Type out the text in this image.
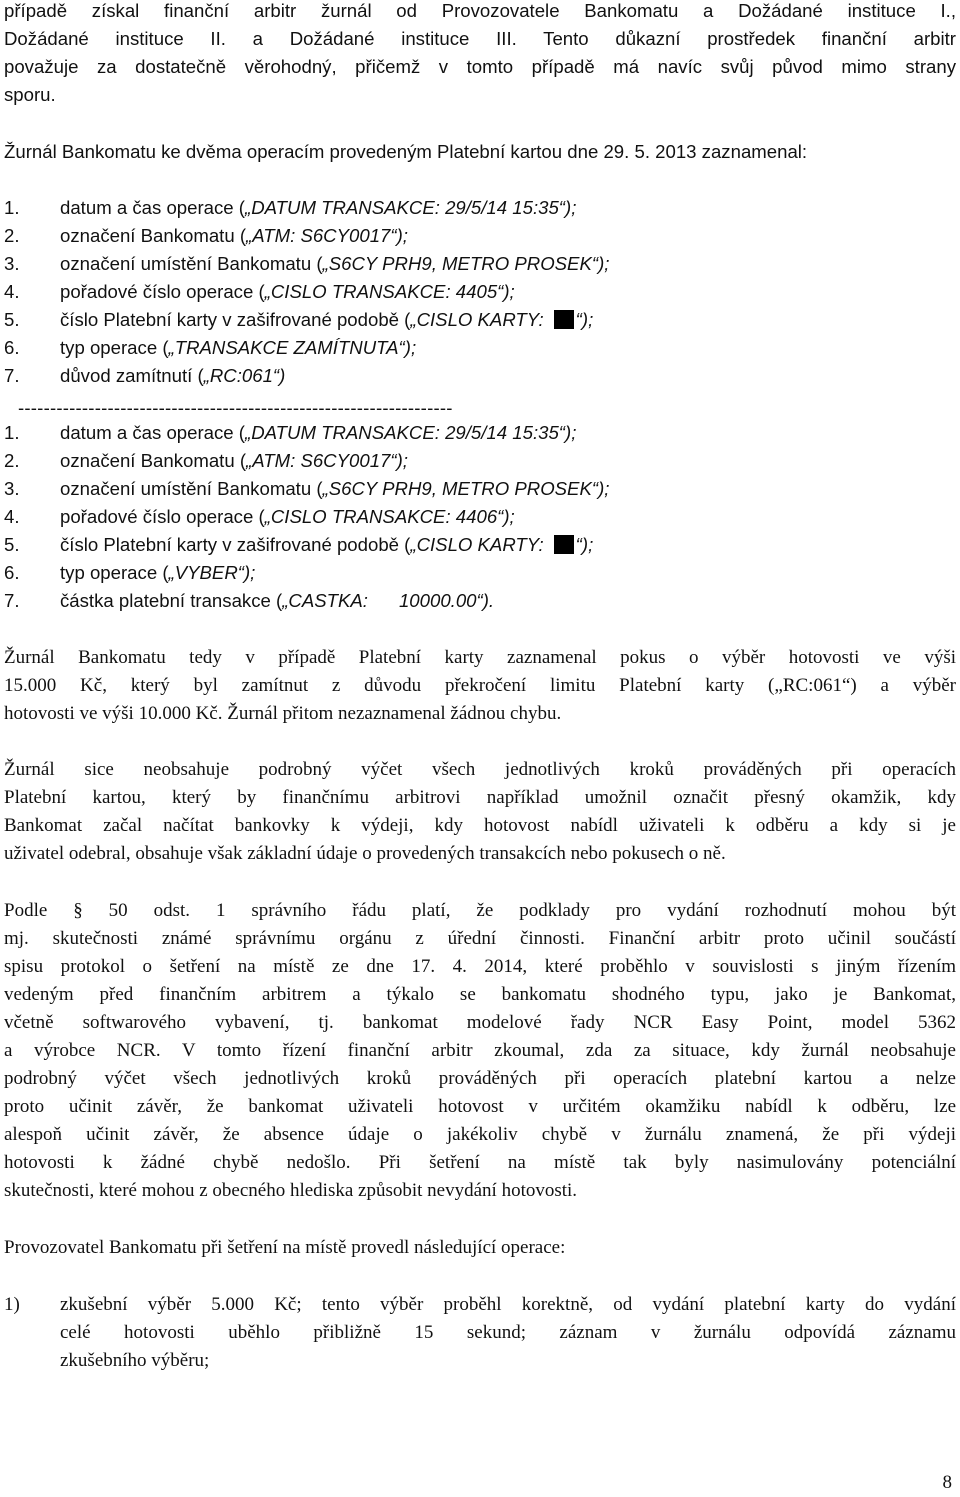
případě získal finanční arbitr žurnál od Provozovatele Bankomatu a Dožádané instituce I.,
Dožádané instituce II. a Dožádané instituce III. Tento důkazní prostředek finanční arbitr
považuje za dostatečně věrohodný, přičemž v tomto případě má navíc svůj původ mimo strany
sporu.
Žurnál Bankomatu ke dvěma operacím provedeným Platební kartou dne 29. 5. 2013 zaznamenal:
1. datum a čas operace („DATUM TRANSAKCE: 29/5/14 15:35“);
2. označení Bankomatu („ATM: S6CY0017“);
3. označení umístění Bankomatu („S6CY PRH9, METRO PROSEK“);
4. pořadové číslo operace („CISLO TRANSAKCE: 4405“);
5. číslo Platební karty v zašifrované podobě („CISLO KARTY: “);
6. typ operace („TRANSAKCE ZAMÍTNUTA“);
7. důvod zamítnutí („RC:061“)
--------------------------------------------------------------------
1. datum a čas operace („DATUM TRANSAKCE: 29/5/14 15:35“);
2. označení Bankomatu („ATM: S6CY0017“);
3. označení umístění Bankomatu („S6CY PRH9, METRO PROSEK“);
4. pořadové číslo operace („CISLO TRANSAKCE: 4406“);
5. číslo Platební karty v zašifrované podobě („CISLO KARTY: “);
6. typ operace („VYBER“);
7. částka platební transakce („CASTKA:      10000.00“).
Žurnál Bankomatu tedy v případě Platební karty zaznamenal pokus o výběr hotovosti ve výši
15.000 Kč, který byl zamítnut z důvodu překročení limitu Platební karty („RC:061“) a výběr
hotovosti ve výši 10.000 Kč. Žurnál přitom nezaznamenal žádnou chybu.
Žurnál sice neobsahuje podrobný výčet všech jednotlivých kroků prováděných při operacích
Platební kartou, který by finančnímu arbitrovi například umožnil označit přesný okamžik, kdy
Bankomat začal načítat bankovky k výdeji, kdy hotovost nabídl uživateli k odběru a kdy si je
uživatel odebral, obsahuje však základní údaje o provedených transakcích nebo pokusech o ně.
Podle § 50 odst. 1 správního řádu platí, že podklady pro vydání rozhodnutí mohou být
mj. skutečnosti známé správnímu orgánu z úřední činnosti. Finanční arbitr proto učinil součástí
spisu protokol o šetření na místě ze dne 17. 4. 2014, které proběhlo v souvislosti s jiným řízením
vedeným před finančním arbitrem a týkalo se bankomatu shodného typu, jako je Bankomat,
včetně softwarového vybavení, tj. bankomat modelové řady NCR Easy Point, model 5362
a výrobce NCR. V tomto řízení finanční arbitr zkoumal, zda za situace, kdy žurnál neobsahuje
podrobný výčet všech jednotlivých kroků prováděných při operacích platební kartou a nelze
proto učinit závěr, že bankomat uživateli hotovost v určitém okamžiku nabídl k odběru, lze
alespoň učinit závěr, že absence údaje o jakékoliv chybě v žurnálu znamená, že při výdeji
hotovosti k žádné chybě nedošlo. Při šetření na místě tak byly nasimulovány potenciální
skutečnosti, které mohou z obecného hlediska způsobit nevydání hotovosti.
Provozovatel Bankomatu při šetření na místě provedl následující operace:
1) zkušební výběr 5.000 Kč; tento výběr proběhl korektně, od vydání platební karty do vydání
celé hotovosti uběhlo přibližně 15 sekund; záznam v žurnálu odpovídá záznamu
zkušebního výběru;
8
